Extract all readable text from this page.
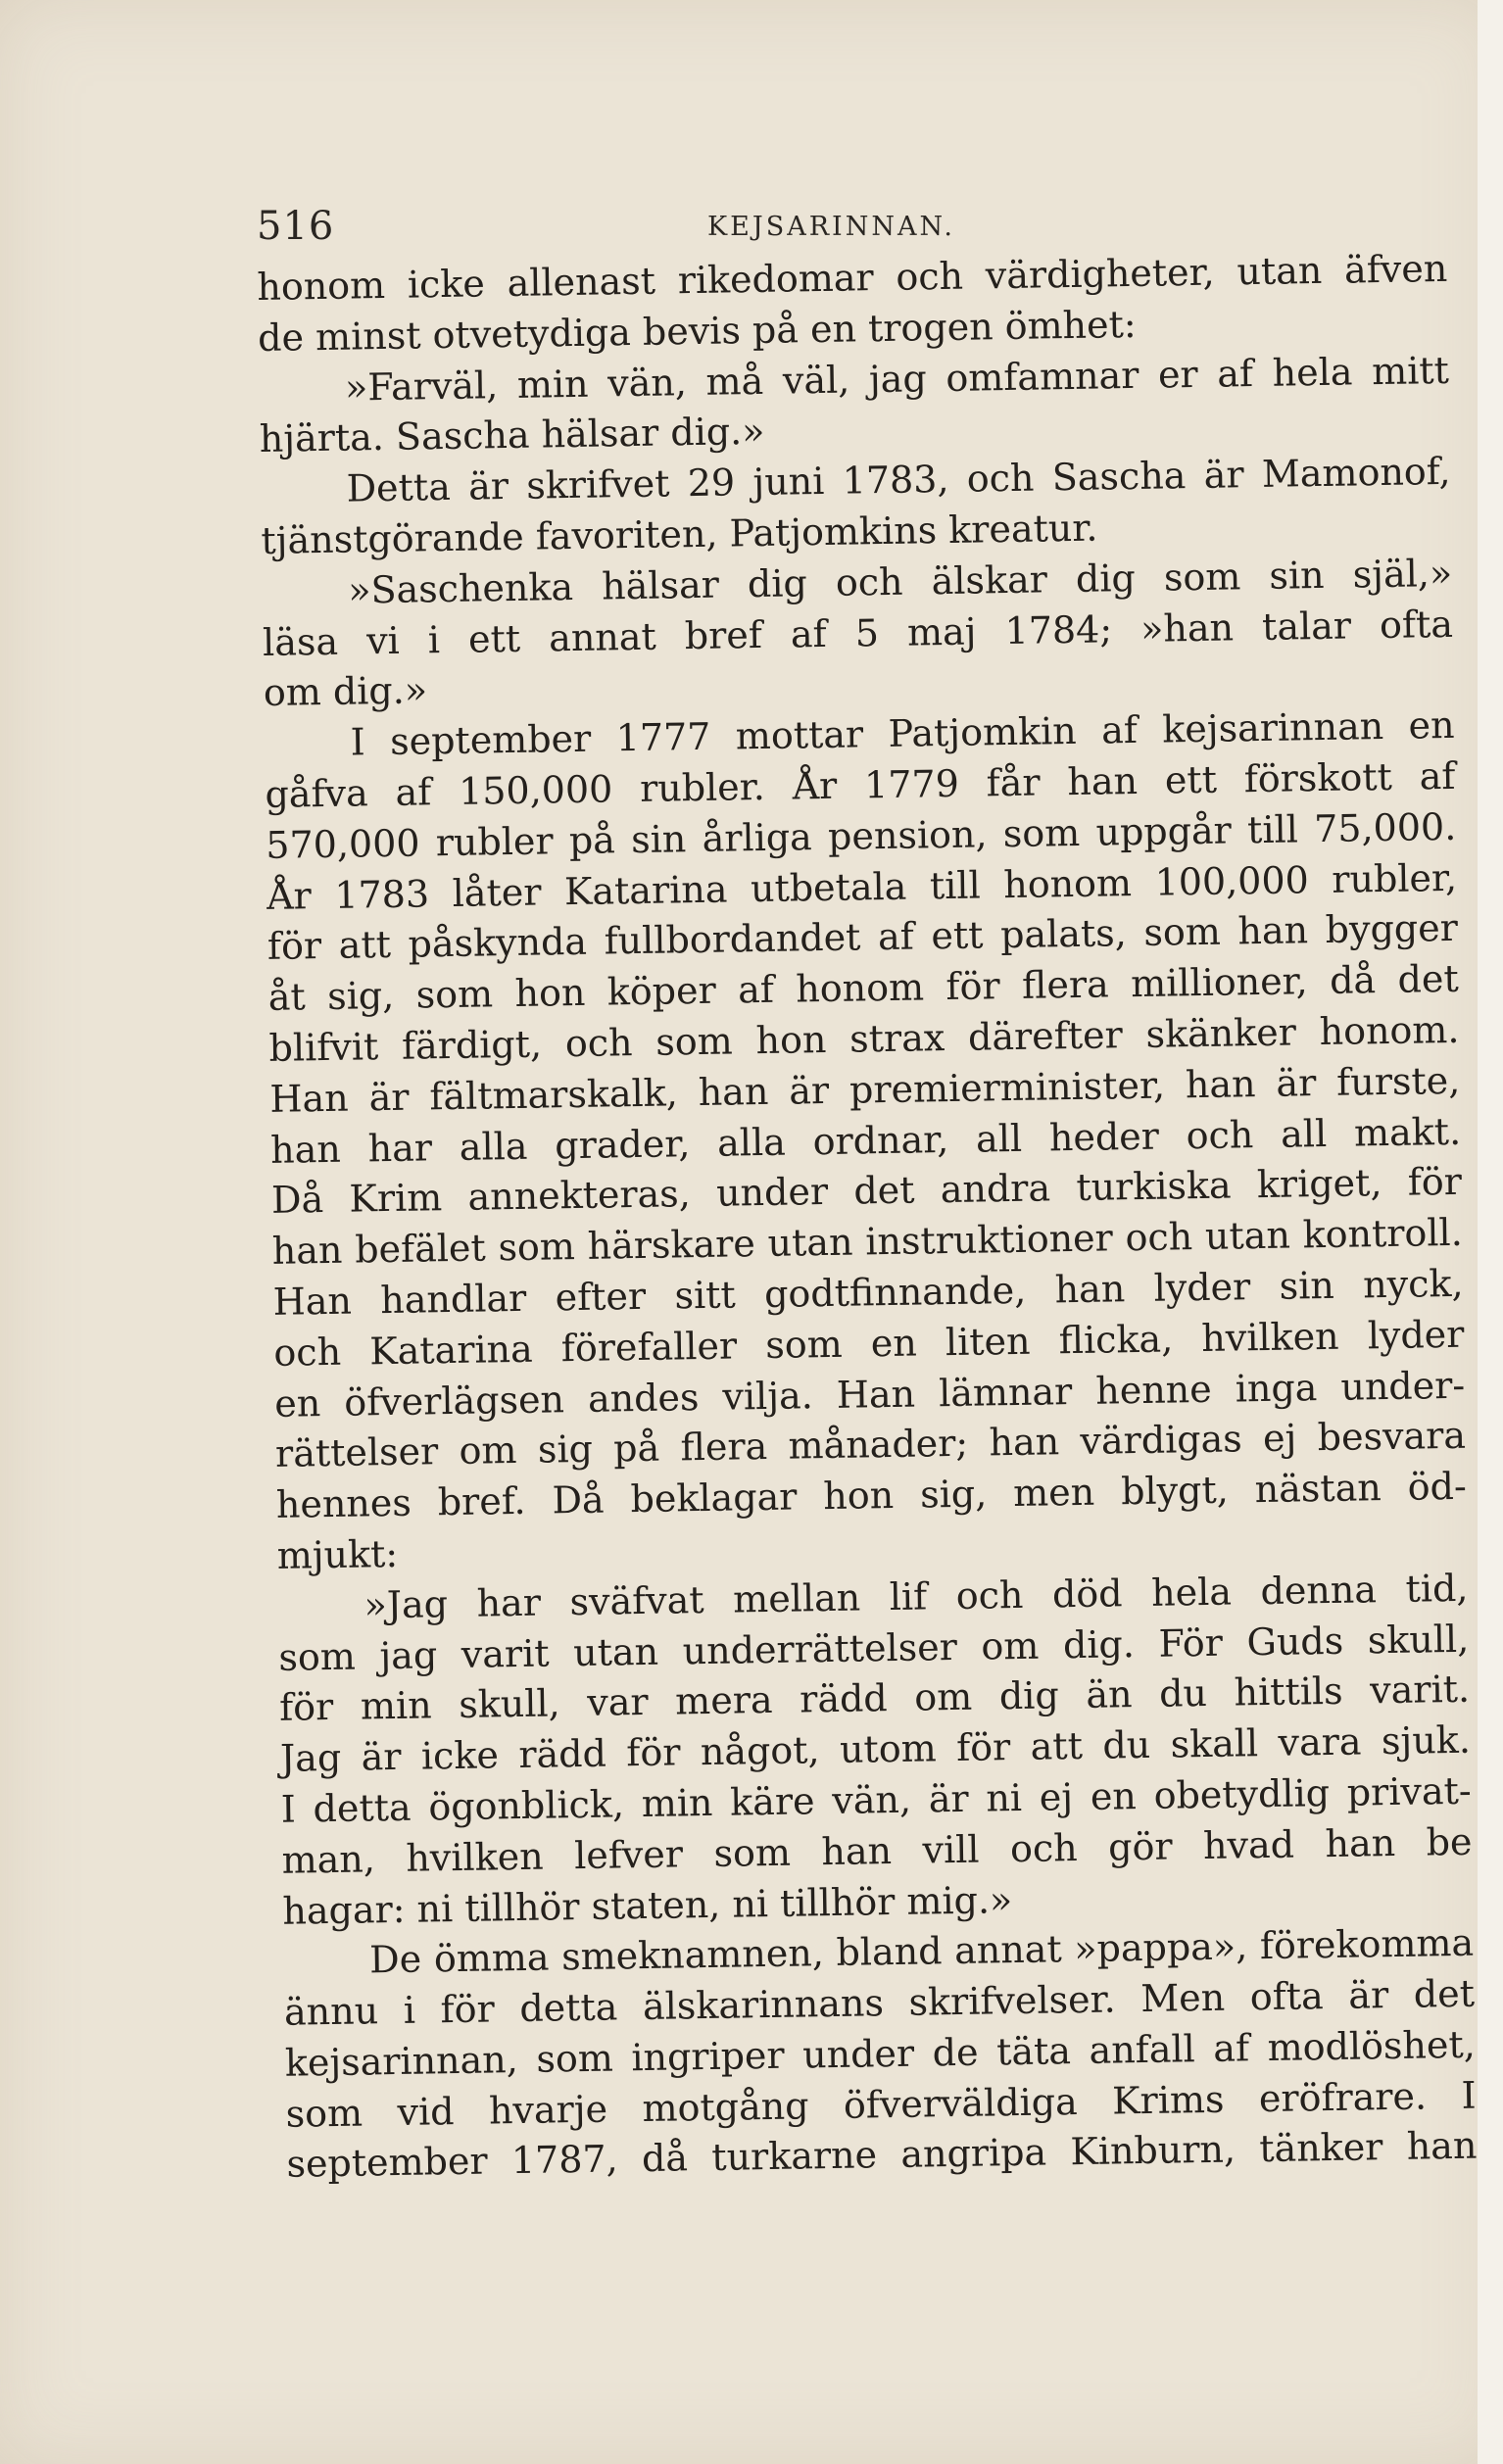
516	KEJSARINNAN.
honom icke allenast rikedomar och värdigheter, utan äfven
de minst otvetydiga bevis på en trogen ömhet:
»Farväl, min vän, må väl, jag omfamnar er af hela mitt
hjärta. Sascha hälsar dig.»
Detta är skrifvet 29 juni 1783, och Sascha är Mamonof,
tjänstgörande favoriten, Patjomkins kreatur.
»Saschenka hälsar dig och älskar dig som sin själ,»
läsa vi i ett annat bref af 5 maj 1784; »han talar ofta
om dig.»
I september 1777 mottar Patjomkin af kejsarinnan en
gåfva af 150,000 rubler. År 1779 får han ett förskott af
570,000 rubler på sin årliga pension, som uppgår till 75,000.
År 1783 låter Katarina utbetala till honom 100,000 rubler,
för att påskynda fullbordandet af ett palats, som han bygger
åt sig, som hon köper af honom för flera millioner, då det
blifvit färdigt, och som hon strax därefter skänker honom.
Han är fältmarskalk, han är premierminister, han är furste,
han har alla grader, alla ordnar, all heder och all makt.
Då Krim annekteras, under det andra turkiska kriget, för
han befälet som härskare utan instruktioner och utan kontroll.
Han handlar efter sitt godtfinnande, han lyder sin nyck,
och Katarina förefaller som en liten flicka, hvilken lyder
en öfverlägsen andes vilja. Han lämnar henne inga under-
rättelser om sig på flera månader; han värdigas ej besvara
hennes bref. Då beklagar hon sig, men blygt, nästan öd-
mjukt:
»Jag har sväfvat mellan lif och död hela denna tid,
som jag varit utan underrättelser om dig. För Guds skull,
för min skull, var mera rädd om dig än du hittils varit.
Jag är icke rädd för något, utom för att du skall vara sjuk.
I detta ögonblick, min käre vän, är ni ej en obetydlig privat-
man, hvilken lefver som han vill och gör hvad han be
hagar: ni tillhör staten, ni tillhör mig.»
De ömma smeknamnen, bland annat »pappa», förekomma
ännu i för detta älskarinnans skrifvelser. Men ofta är det
kejsarinnan, som ingriper under de täta anfall af modlöshet,
som vid hvarje motgång öfverväldiga Krims eröfrare. I
september 1787, då turkarne angripa Kinburn, tänker han
